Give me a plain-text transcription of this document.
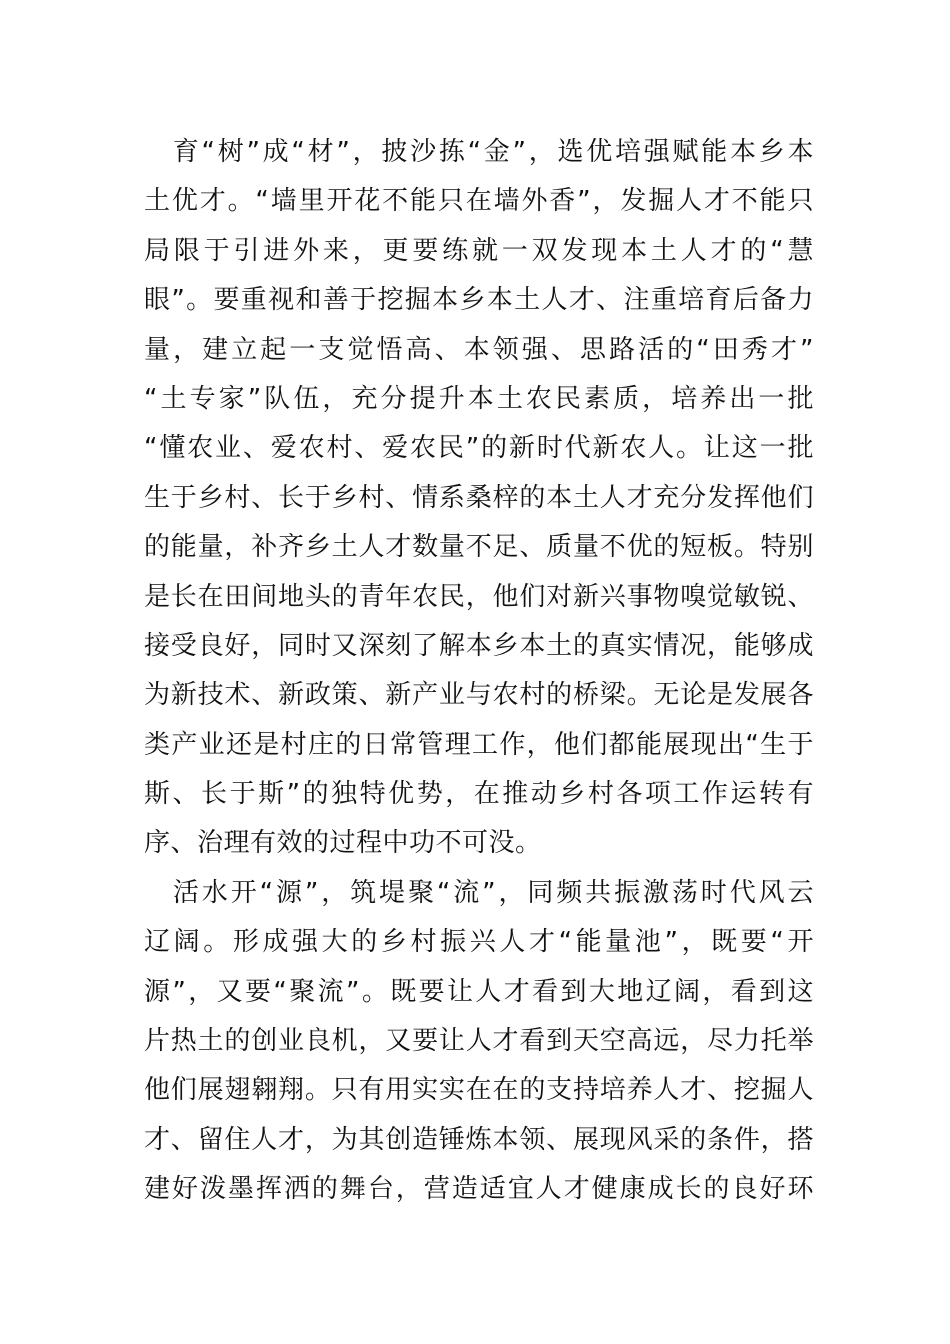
　育“树”成“材”，披沙拣“金”，选优培强赋能本乡本
土优才。“墙里开花不能只在墙外香”，发掘人才不能只
局限于引进外来，更要练就一双发现本土人才的“慧
眼”。要重视和善于挖掘本乡本土人才、注重培育后备力
量，建立起一支觉悟高、本领强、思路活的“田秀才”
“土专家”队伍，充分提升本土农民素质，培养出一批
“懂农业、爱农村、爱农民”的新时代新农人。让这一批
生于乡村、长于乡村、情系桑梓的本土人才充分发挥他们
的能量，补齐乡土人才数量不足、质量不优的短板。特别
是长在田间地头的青年农民，他们对新兴事物嗅觉敏锐、
接受良好，同时又深刻了解本乡本土的真实情况，能够成
为新技术、新政策、新产业与农村的桥梁。无论是发展各
类产业还是村庄的日常管理工作，他们都能展现出“生于
斯、长于斯”的独特优势，在推动乡村各项工作运转有
序、治理有效的过程中功不可没。
　活水开“源”，筑堤聚“流”，同频共振激荡时代风云
辽阔。形成强大的乡村振兴人才“能量池”，既要“开
源”，又要“聚流”。既要让人才看到大地辽阔，看到这
片热土的创业良机，又要让人才看到天空高远，尽力托举
他们展翅翱翔。只有用实实在在的支持培养人才、挖掘人
才、留住人才，为其创造锤炼本领、展现风采的条件，搭
建好泼墨挥洒的舞台，营造适宜人才健康成长的良好环
